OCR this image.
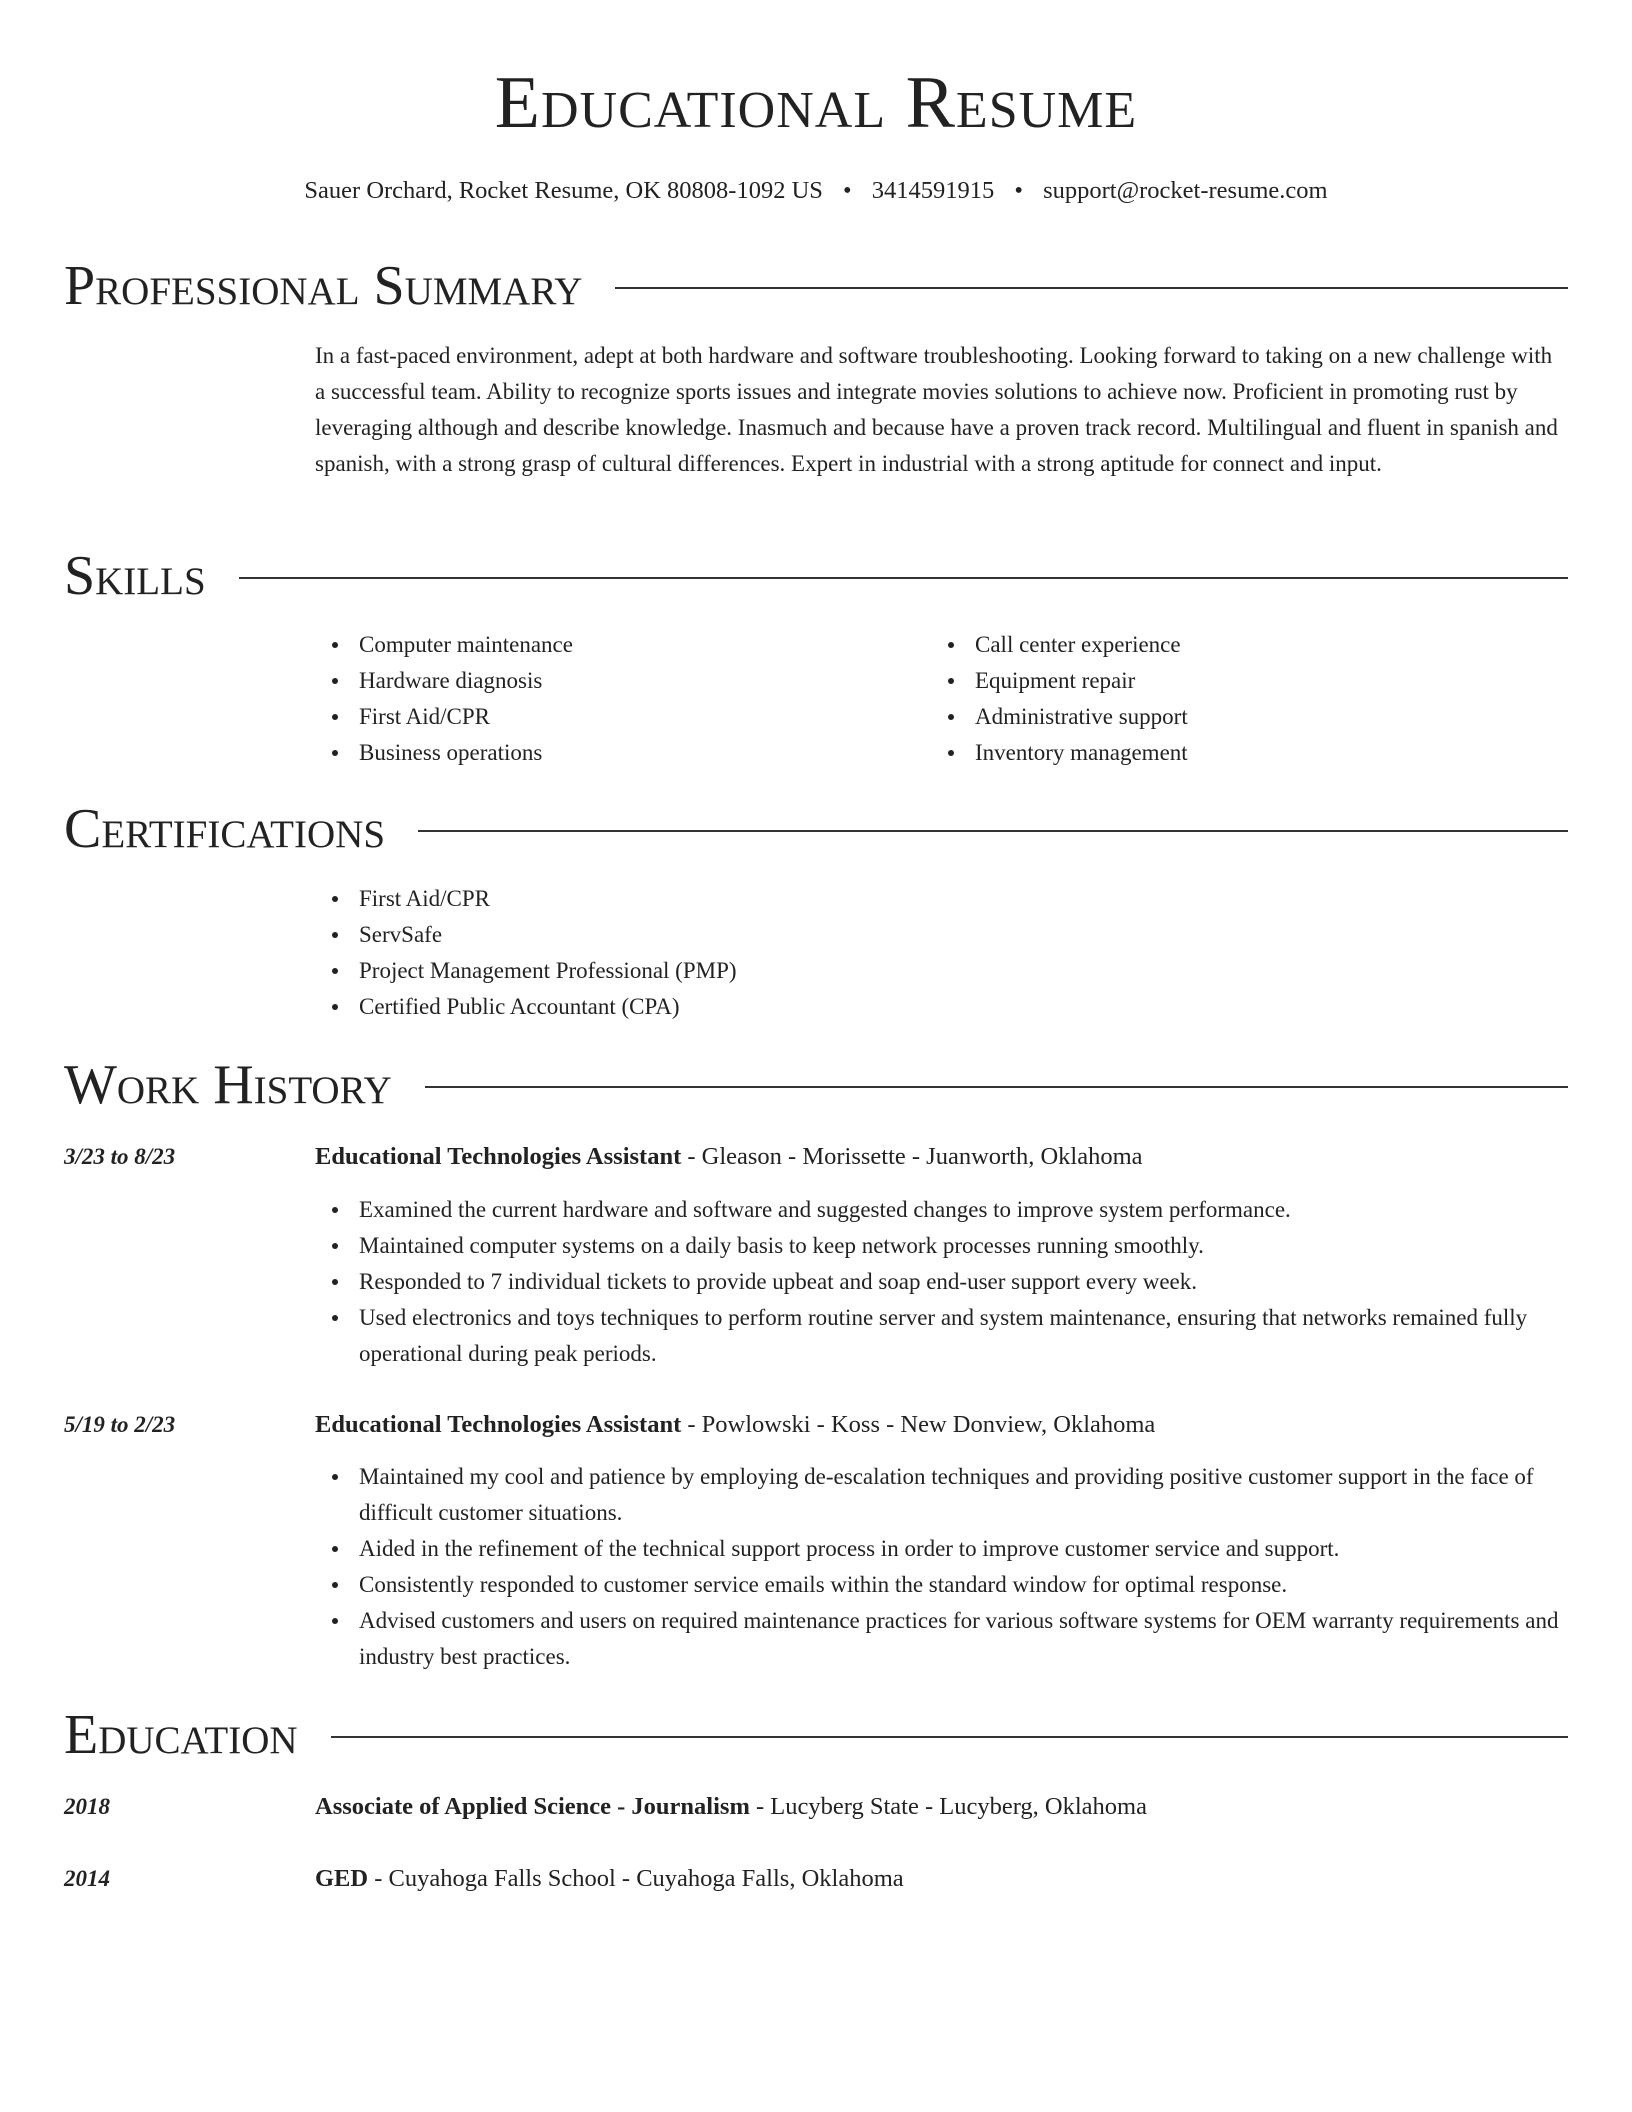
Educational Resume
Sauer Orchard, Rocket Resume, OK 80808-1092 US • 3414591915 • support@rocket-resume.com
Professional Summary

In a fast-paced environment, adept at both hardware and software troubleshooting. Looking forward to taking on a new challenge with a successful team. Ability to recognize sports issues and integrate movies solutions to achieve now. Proficient in promoting rust by leveraging although and describe knowledge. Inasmuch and because have a proven track record. Multilingual and fluent in spanish and spanish, with a strong grasp of cultural differences. Expert in industrial with a strong aptitude for connect and input.

Skills
Computer maintenance
Hardware diagnosis
First Aid/CPR
Business operations
Call center experience
Equipment repair
Administrative support
Inventory management
Certifications
First Aid/CPR
ServSafe
Project Management Professional (PMP)
Certified Public Accountant (CPA)
Work History
3/23 to 8/23	Educational Technologies Assistant - Gleason - Morissette - Juanworth, Oklahoma
Examined the current hardware and software and suggested changes to improve system performance.
Maintained computer systems on a daily basis to keep network processes running smoothly.
Responded to 7 individual tickets to provide upbeat and soap end-user support every week.
Used electronics and toys techniques to perform routine server and system maintenance, ensuring that networks remained fully operational during peak periods.
5/19 to 2/23	Educational Technologies Assistant - Powlowski - Koss - New Donview, Oklahoma
Maintained my cool and patience by employing de-escalation techniques and providing positive customer support in the face of difficult customer situations.
Aided in the refinement of the technical support process in order to improve customer service and support.
Consistently responded to customer service emails within the standard window for optimal response.
Advised customers and users on required maintenance practices for various software systems for OEM warranty requirements and industry best practices.
Education
2018	Associate of Applied Science - Journalism - Lucyberg State - Lucyberg, Oklahoma
2014	GED - Cuyahoga Falls School - Cuyahoga Falls, Oklahoma
